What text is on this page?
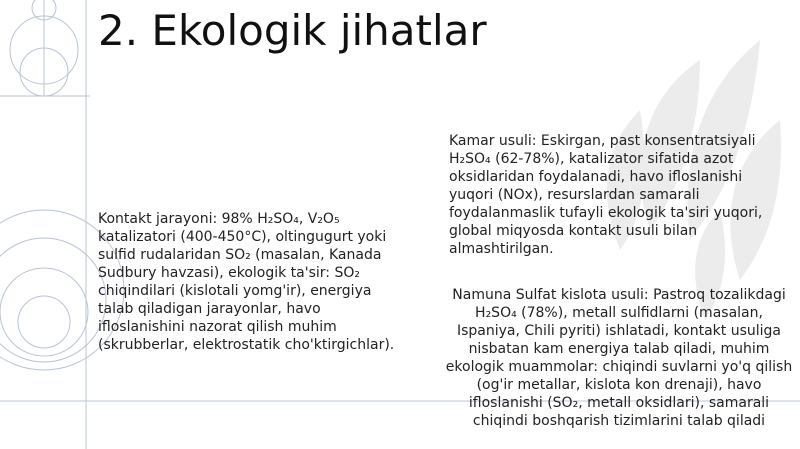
2. Ekologik jihatlar

Kontakt jarayoni: 98% H₂SO₄, V₂O₅ katalizatori (400-450°C), oltingugurt yoki sulfid rudalaridan SO₂ (masalan, Kanada Sudbury havzasi), ekologik ta'sir: SO₂ chiqindilari (kislotali yomg'ir), energiya talab qiladigan jarayonlar, havo ifloslanishini nazorat qilish muhim (skrubberlar, elektrostatik cho'ktirgichlar).

Kamar usuli: Eskirgan, past konsentratsiyali H₂SO₄ (62-78%), katalizator sifatida azot oksidlaridan foydalanadi, havo ifloslanishi yuqori (NOx), resurslardan samarali foydalanmaslik tufayli ekologik ta'siri yuqori, global miqyosda kontakt usuli bilan almashtirilgan.

Namuna Sulfat kislota usuli: Pastroq tozalikdagi H₂SO₄ (78%), metall sulfidlarni (masalan, Ispaniya, Chili pyriti) ishlatadi, kontakt usuliga nisbatan kam energiya talab qiladi, muhim ekologik muammolar: chiqindi suvlarni yo'q qilish (og'ir metallar, kislota kon drenaji), havo ifloslanishi (SO₂, metall oksidlari), samarali chiqindi boshqarish tizimlarini talab qiladi
